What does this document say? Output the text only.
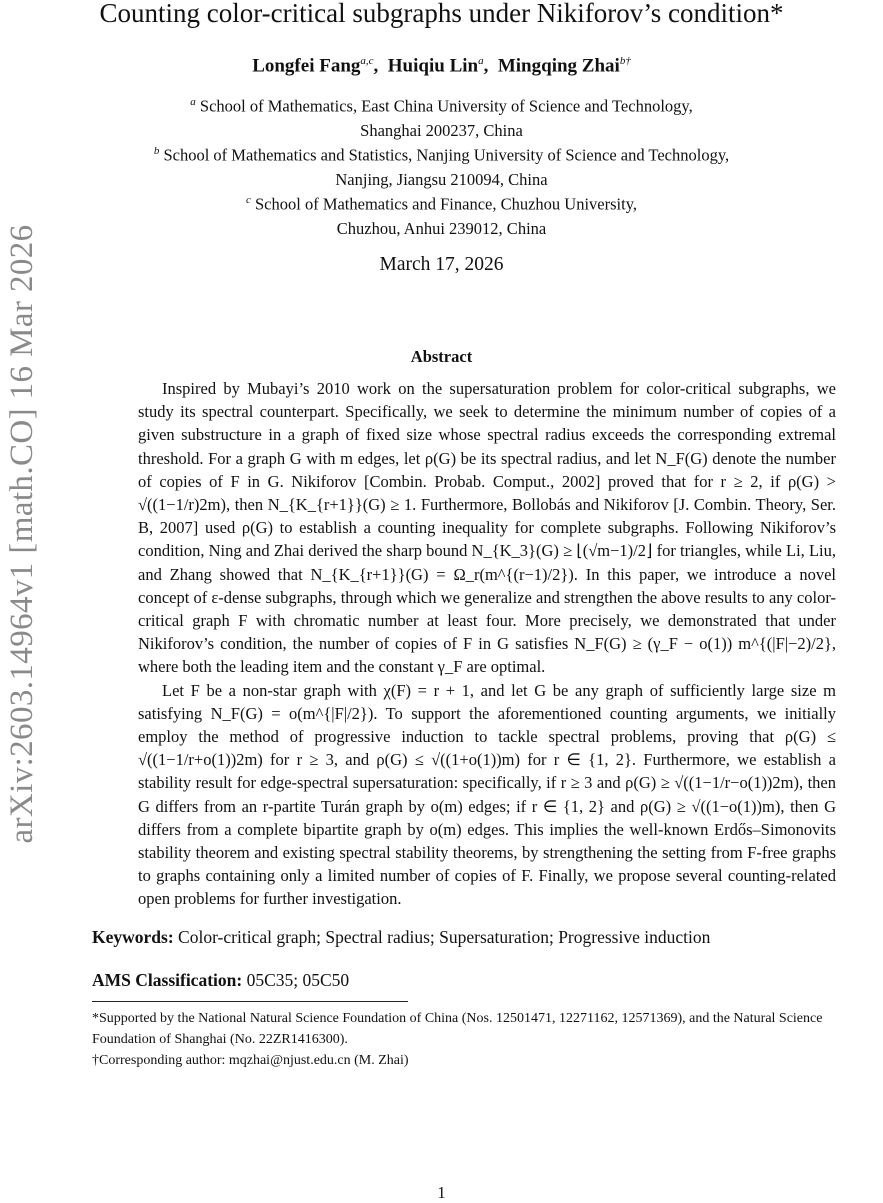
arXiv:2603.14964v1 [math.CO] 16 Mar 2026
Counting color-critical subgraphs under Nikiforov’s condition*
Longfei Fang$^{a,c}$,  Huiqiu Lin$^a$,  Mingqing Zhai$^{b\dagger}$
$^a$ School of Mathematics, East China University of Science and Technology,
Shanghai 200237, China
$^b$ School of Mathematics and Statistics, Nanjing University of Science and Technology,
Nanjing, Jiangsu 210094, China
$^c$ School of Mathematics and Finance, Chuzhou University,
Chuzhou, Anhui 239012, China
March 17, 2026
Abstract

Inspired by Mubayi’s 2010 work on the supersaturation problem for color-critical subgraphs, we study its spectral counterpart. Specifically, we seek to determine the minimum number of copies of a given substructure in a graph of fixed size whose spectral radius exceeds the corresponding extremal threshold. For a graph G with m edges, let ρ(G) be its spectral radius, and let N_F(G) denote the number of copies of F in G. Nikiforov [Combin. Probab. Comput., 2002] proved that for r ≥ 2, if ρ(G) > √((1−1/r)2m), then N_{K_{r+1}}(G) ≥ 1. Furthermore, Bollobás and Nikiforov [J. Combin. Theory, Ser. B, 2007] used ρ(G) to establish a counting inequality for complete subgraphs. Following Nikiforov’s condition, Ning and Zhai derived the sharp bound N_{K_3}(G) ≥ ⌊(√m−1)/2⌋ for triangles, while Li, Liu, and Zhang showed that N_{K_{r+1}}(G) = Ω_r(m^{(r−1)/2}). In this paper, we introduce a novel concept of ε-dense subgraphs, through which we generalize and strengthen the above results to any color-critical graph F with chromatic number at least four. More precisely, we demonstrated that under Nikiforov’s condition, the number of copies of F in G satisfies N_F(G) ≥ (γ_F − o(1)) m^{(|F|−2)/2}, where both the leading item and the constant γ_F are optimal.

Let F be a non-star graph with χ(F) = r + 1, and let G be any graph of sufficiently large size m satisfying N_F(G) = o(m^{|F|/2}). To support the aforementioned counting arguments, we initially employ the method of progressive induction to tackle spectral problems, proving that ρ(G) ≤ √((1−1/r+o(1))2m) for r ≥ 3, and ρ(G) ≤ √((1+o(1))m) for r ∈ {1, 2}. Furthermore, we establish a stability result for edge-spectral supersaturation: specifically, if r ≥ 3 and ρ(G) ≥ √((1−1/r−o(1))2m), then G differs from an r-partite Turán graph by o(m) edges; if r ∈ {1, 2} and ρ(G) ≥ √((1−o(1))m), then G differs from a complete bipartite graph by o(m) edges. This implies the well-known Erdős–Simonovits stability theorem and existing spectral stability theorems, by strengthening the setting from F-free graphs to graphs containing only a limited number of copies of F. Finally, we propose several counting-related open problems for further investigation.

Keywords: Color-critical graph; Spectral radius; Supersaturation; Progressive induction
AMS Classification: 05C35; 05C50

*Supported by the National Natural Science Foundation of China (Nos. 12501471, 12271162, 12571369), and the Natural Science Foundation of Shanghai (No. 22ZR1416300).

†Corresponding author: mqzhai@njust.edu.cn (M. Zhai)

1
